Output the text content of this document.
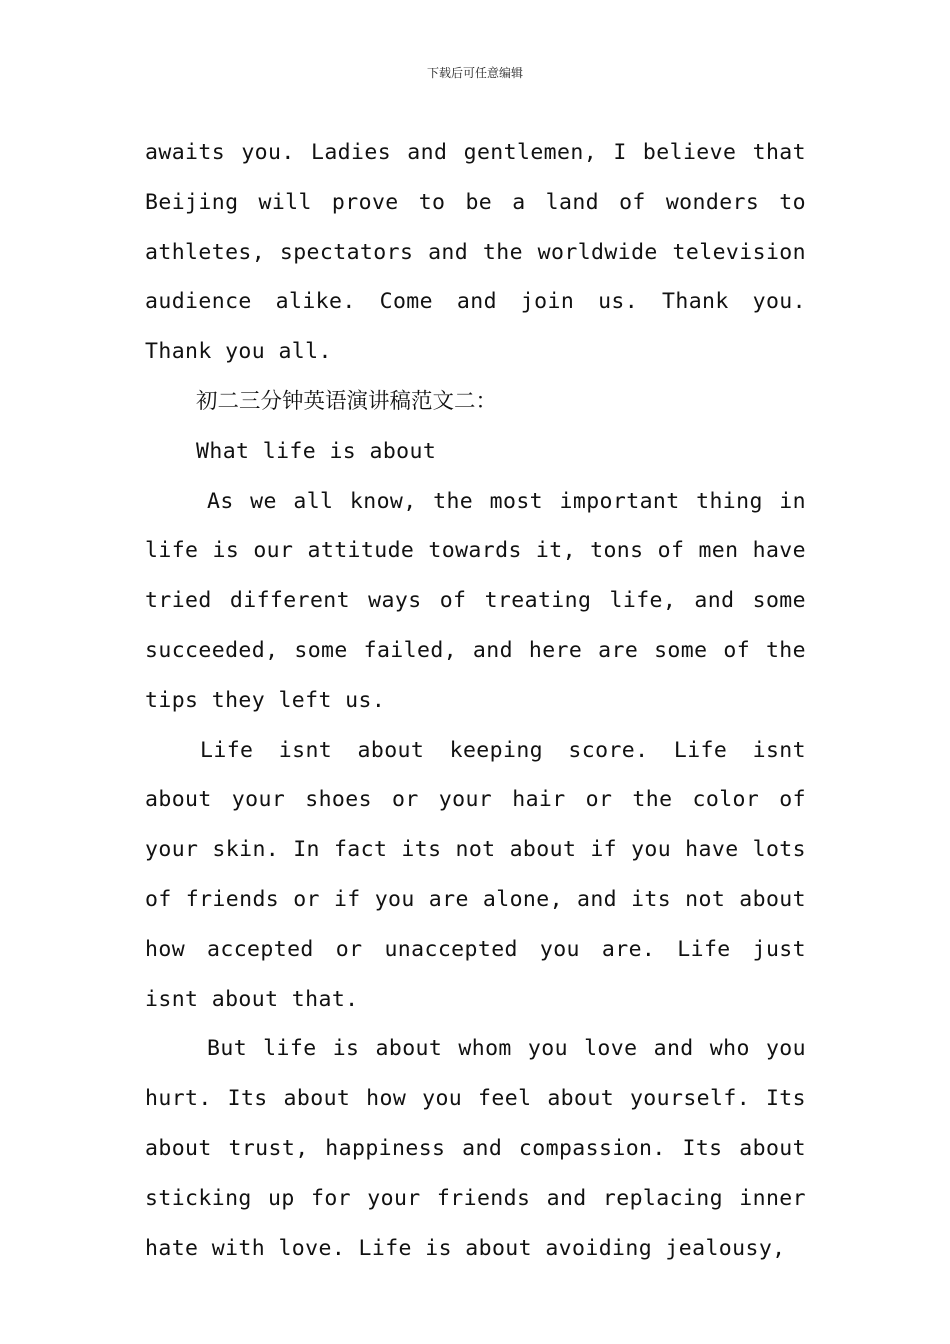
下载后可任意编辑

awaits you. Ladies and gentlemen, I believe that Beijing will prove to be a land of wonders to athletes, spectators and the worldwide television audience alike. Come and join us. Thank you. Thank you all.

初二三分钟英语演讲稿范文二：

What life is about

As we all know, the most important thing in life is our attitude towards it, tons of men have tried different ways of treating life, and some succeeded, some failed, and here are some of the tips they left us.

Life isnt about keeping score. Life isnt about your shoes or your hair or the color of your skin. In fact its not about if you have lots of friends or if you are alone, and its not about how accepted or unaccepted you are. Life just isnt about that.

But life is about whom you love and who you hurt. Its about how you feel about yourself. Its about trust, happiness and compassion. Its about sticking up for your friends and replacing inner hate with love. Life is about avoiding jealousy,
